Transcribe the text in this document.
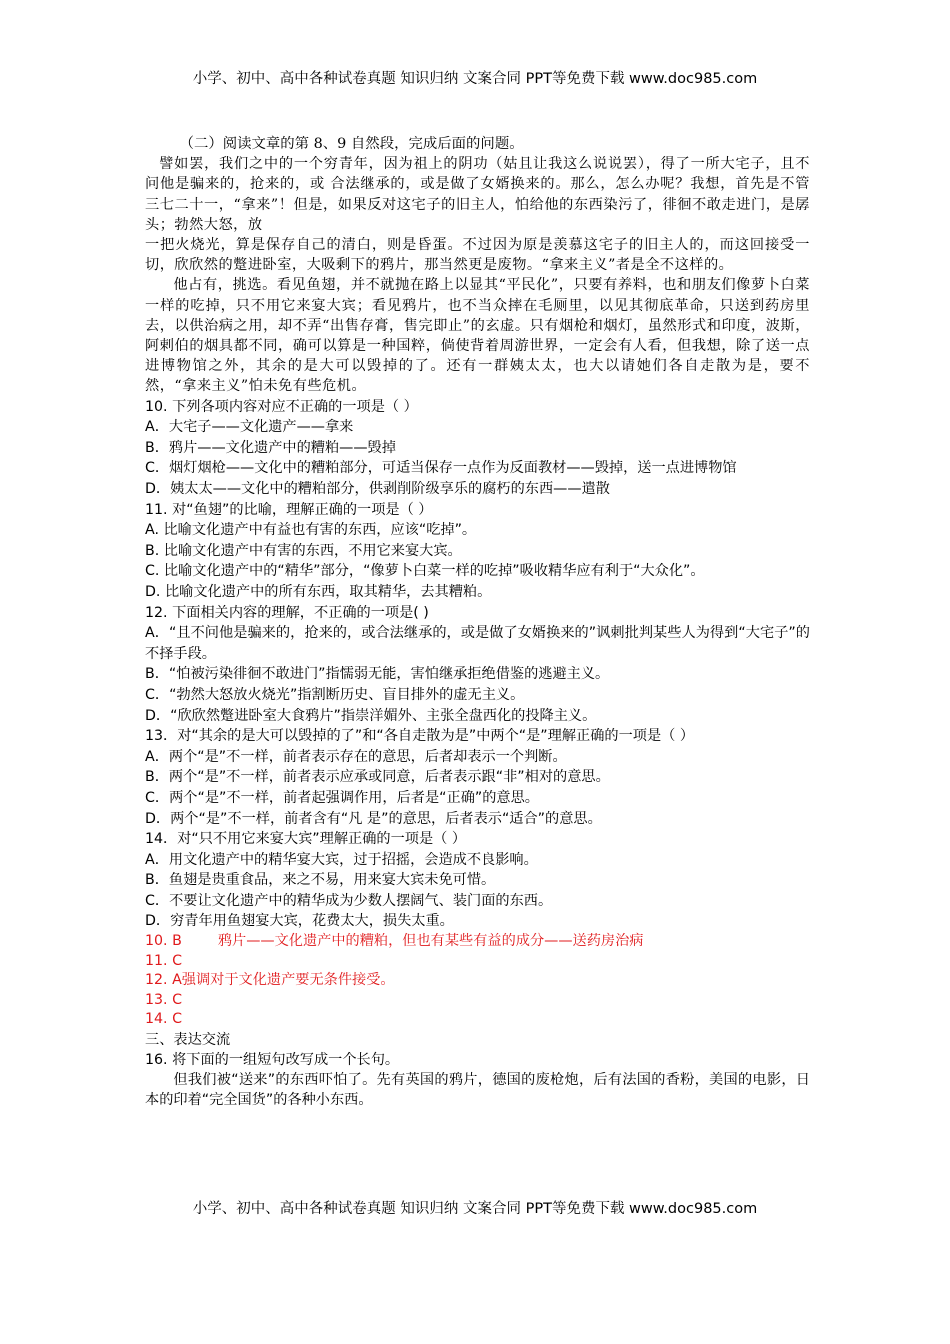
小学、初中、高中各种试卷真题 知识归纳 文案合同 PPT等免费下载 www.doc985.com

（二）阅读文章的第 8、9 自然段，完成后面的问题。

譬如罢，我们之中的一个穷青年，因为祖上的阴功（姑且让我这么说说罢），得了一所大宅子，且不问他是骗来的，抢来的，或 合法继承的，或是做了女婿换来的。那么，怎么办呢？我想，首先是不管三七二十一，“拿来”！但是，如果反对这宅子的旧主人，怕给他的东西染污了，徘徊不敢走进门，是孱头；勃然大怒，放

一把火烧光，算是保存自己的清白，则是昏蛋。不过因为原是羡慕这宅子的旧主人的，而这回接受一切，欣欣然的蹩进卧室，大吸剩下的鸦片，那当然更是废物。“拿来主义”者是全不这样的。

他占有，挑选。看见鱼翅，并不就抛在路上以显其“平民化”，只要有养料，也和朋友们像萝卜白菜一样的吃掉，只不用它来宴大宾；看见鸦片，也不当众摔在毛厕里，以见其彻底革命，只送到药房里去，以供治病之用，却不弄“出售存膏，售完即止”的玄虚。只有烟枪和烟灯，虽然形式和印度，波斯，阿剌伯的烟具都不同，确可以算是一种国粹，倘使背着周游世界，一定会有人看，但我想，除了送一点进博物馆之外，其余的是大可以毁掉的了。还有一群姨太太，也大以请她们各自走散为是，要不然，“拿来主义”怕未免有些危机。

10. 下列各项内容对应不正确的一项是（ ）

A．大宅子——文化遗产——拿来

B．鸦片——文化遗产中的糟粕——毁掉

C．烟灯烟枪——文化中的糟粕部分，可适当保存一点作为反面教材——毁掉，送一点进博物馆

D．姨太太——文化中的糟粕部分，供剥削阶级享乐的腐朽的东西——遣散

11. 对“鱼翅”的比喻，理解正确的一项是（ ）

A. 比喻文化遗产中有益也有害的东西，应该“吃掉”。

B. 比喻文化遗产中有害的东西，不用它来宴大宾。

C. 比喻文化遗产中的“精华”部分，“像萝卜白菜一样的吃掉”吸收精华应有利于“大众化”。

D. 比喻文化遗产中的所有东西，取其精华，去其糟粕。

12. 下面相关内容的理解，不正确的一项是( )

A．“且不问他是骗来的，抢来的，或合法继承的，或是做了女婿换来的”讽刺批判某些人为得到“大宅子”的不择手段。

B．“怕被污染徘徊不敢进门”指懦弱无能，害怕继承拒绝借鉴的逃避主义。

C．“勃然大怒放火烧光”指割断历史、盲目排外的虚无主义。

D．“欣欣然蹩进卧室大食鸦片”指崇洋媚外、主张全盘西化的投降主义。

13．对“其余的是大可以毁掉的了”和“各自走散为是”中两个“是”理解正确的一项是（ ）

A．两个“是”不一样，前者表示存在的意思，后者却表示一个判断。

B．两个“是”不一样，前者表示应承或同意，后者表示跟“非”相对的意思。

C．两个“是”不一样，前者起强调作用，后者是“正确”的意思。

D．两个“是”不一样，前者含有“凡 是”的意思，后者表示“适合”的意思。

14．对“只不用它来宴大宾”理解正确的一项是（ ）

A．用文化遗产中的精华宴大宾，过于招摇，会造成不良影响。

B．鱼翅是贵重食品，来之不易，用来宴大宾未免可惜。

C．不要让文化遗产中的精华成为少数人摆阔气、装门面的东西。

D．穷青年用鱼翅宴大宾，花费太大，损失太重。

10. B	鸦片——文化遗产中的糟粕，但也有某些有益的成分——送药房治病

11. C

12. A强调对于文化遗产要无条件接受。

13. C

14. C

三、表达交流

16. 将下面的一组短句改写成一个长句。

但我们被“送来”的东西吓怕了。先有英国的鸦片，德国的废枪炮，后有法国的香粉，美国的电影，日本的印着“完全国货”的各种小东西。

小学、初中、高中各种试卷真题 知识归纳 文案合同 PPT等免费下载 www.doc985.com
